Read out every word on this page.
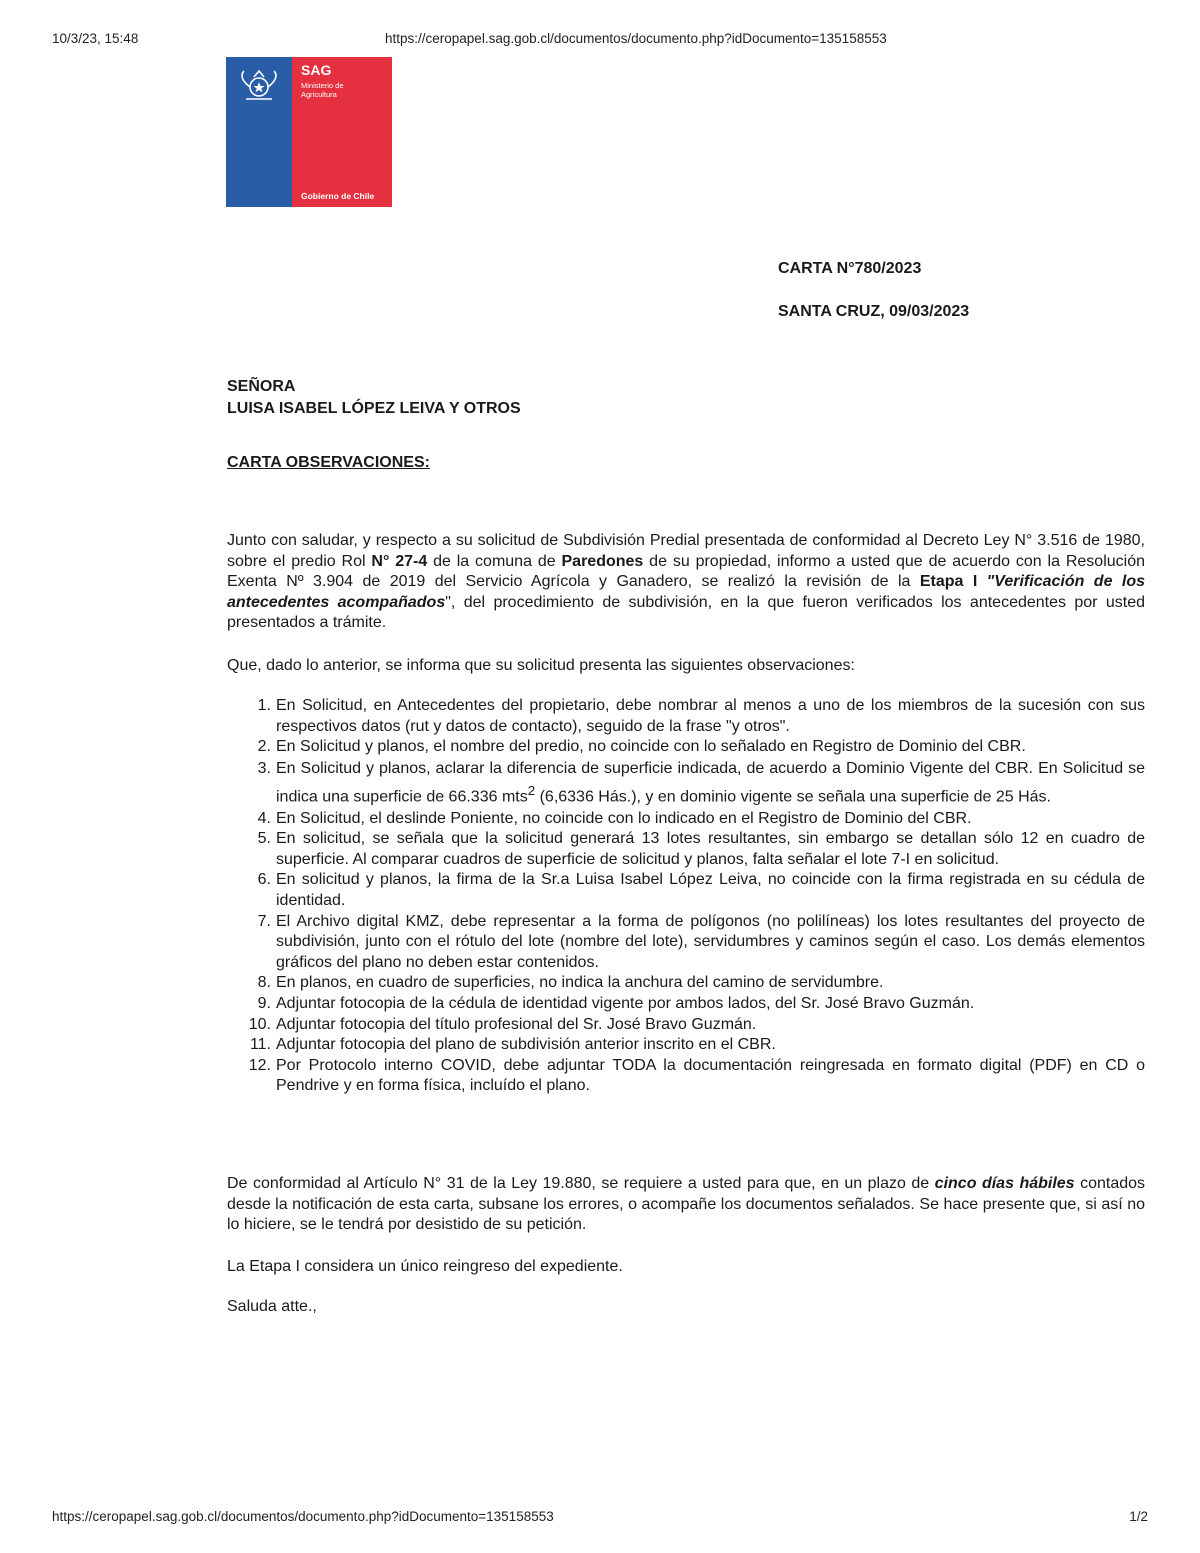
10/3/23, 15:48	https://ceropapel.sag.gob.cl/documentos/documento.php?idDocumento=135158553
SAG
Ministerio de Agricultura
Gobierno de Chile
CARTA N°780/2023
SANTA CRUZ, 09/03/2023
SEÑORA
LUISA ISABEL LÓPEZ LEIVA Y OTROS
CARTA OBSERVACIONES:

Junto con saludar, y respecto a su solicitud de Subdivisión Predial presentada de conformidad al Decreto Ley N° 3.516 de 1980, sobre el predio Rol N° 27-4 de la comuna de Paredones de su propiedad, informo a usted que de acuerdo con la Resolución Exenta Nº 3.904 de 2019 del Servicio Agrícola y Ganadero, se realizó la revisión de la Etapa I "Verificación de los antecedentes acompañados", del procedimiento de subdivisión, en la que fueron verificados los antecedentes por usted presentados a trámite.

Que, dado lo anterior, se informa que su solicitud presenta las siguientes observaciones:

1. En Solicitud, en Antecedentes del propietario, debe nombrar al menos a uno de los miembros de la sucesión con sus respectivos datos (rut y datos de contacto), seguido de la frase "y otros".
2. En Solicitud y planos, el nombre del predio, no coincide con lo señalado en Registro de Dominio del CBR.
3. En Solicitud y planos, aclarar la diferencia de superficie indicada, de acuerdo a Dominio Vigente del CBR. En Solicitud se indica una superficie de 66.336 mts$^2$ (6,6336 Hás.), y en dominio vigente se señala una superficie de 25 Hás.
4. En Solicitud, el deslinde Poniente, no coincide con lo indicado en el Registro de Dominio del CBR.
5. En solicitud, se señala que la solicitud generará 13 lotes resultantes, sin embargo se detallan sólo 12 en cuadro de superficie. Al comparar cuadros de superficie de solicitud y planos, falta señalar el lote 7-I en solicitud.
6. En solicitud y planos, la firma de la Sr.a Luisa Isabel López Leiva, no coincide con la firma registrada en su cédula de identidad.
7. El Archivo digital KMZ, debe representar a la forma de polígonos (no polilíneas) los lotes resultantes del proyecto de subdivisión, junto con el rótulo del lote (nombre del lote), servidumbres y caminos según el caso. Los demás elementos gráficos del plano no deben estar contenidos.
8. En planos, en cuadro de superficies, no indica la anchura del camino de servidumbre.
9. Adjuntar fotocopia de la cédula de identidad vigente por ambos lados, del Sr. José Bravo Guzmán.
10. Adjuntar fotocopia del título profesional del Sr. José Bravo Guzmán.
11. Adjuntar fotocopia del plano de subdivisión anterior inscrito en el CBR.
12. Por Protocolo interno COVID, debe adjuntar TODA la documentación reingresada en formato digital (PDF) en CD o Pendrive y en forma física, incluído el plano.

De conformidad al Artículo N° 31 de la Ley 19.880, se requiere a usted para que, en un plazo de cinco días hábiles contados desde la notificación de esta carta, subsane los errores, o acompañe los documentos señalados. Se hace presente que, si así no lo hiciere, se le tendrá por desistido de su petición.

La Etapa I considera un único reingreso del expediente.

Saluda atte.,

https://ceropapel.sag.gob.cl/documentos/documento.php?idDocumento=135158553	1/2
